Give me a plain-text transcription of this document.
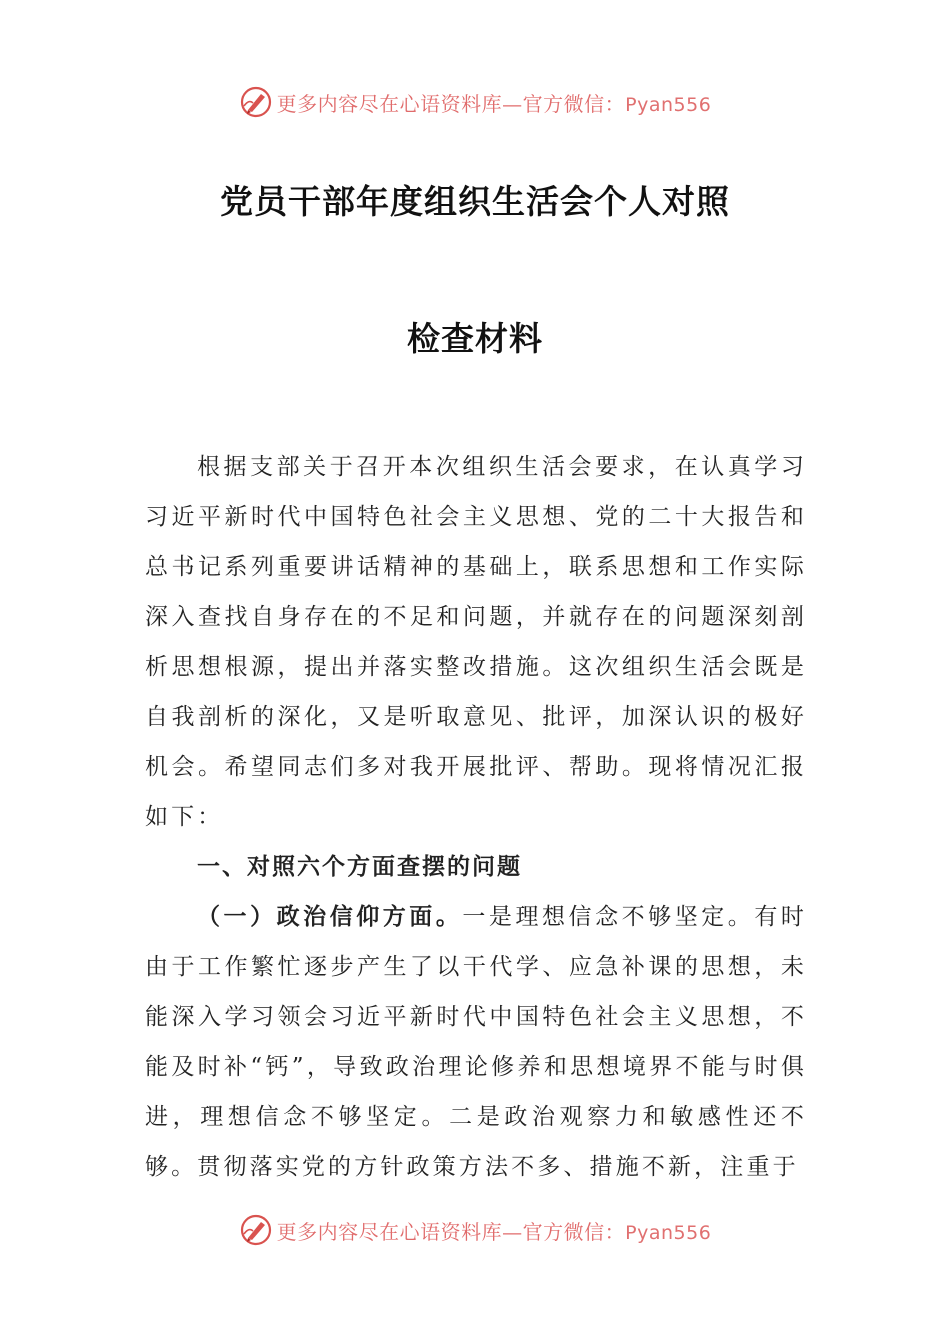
更多内容尽在心语资料库—官方微信：Pyan556
党员干部年度组织生活会个人对照
检查材料

根据支部关于召开本次组织生活会要求，在认真学习习近平新时代中国特色社会主义思想、党的二十大报告和总书记系列重要讲话精神的基础上，联系思想和工作实际深入查找自身存在的不足和问题，并就存在的问题深刻剖析思想根源，提出并落实整改措施。这次组织生活会既是自我剖析的深化，又是听取意见、批评，加深认识的极好机会。希望同志们多对我开展批评、帮助。现将情况汇报如下：

一、对照六个方面查摆的问题

（一）政治信仰方面。一是理想信念不够坚定。有时由于工作繁忙逐步产生了以干代学、应急补课的思想，未能深入学习领会习近平新时代中国特色社会主义思想，不能及时补“钙”，导致政治理论修养和思想境界不能与时俱进，理想信念不够坚定。二是政治观察力和敏感性还不够。贯彻落实党的方针政策方法不多、措施不新，注重于

更多内容尽在心语资料库—官方微信：Pyan556
